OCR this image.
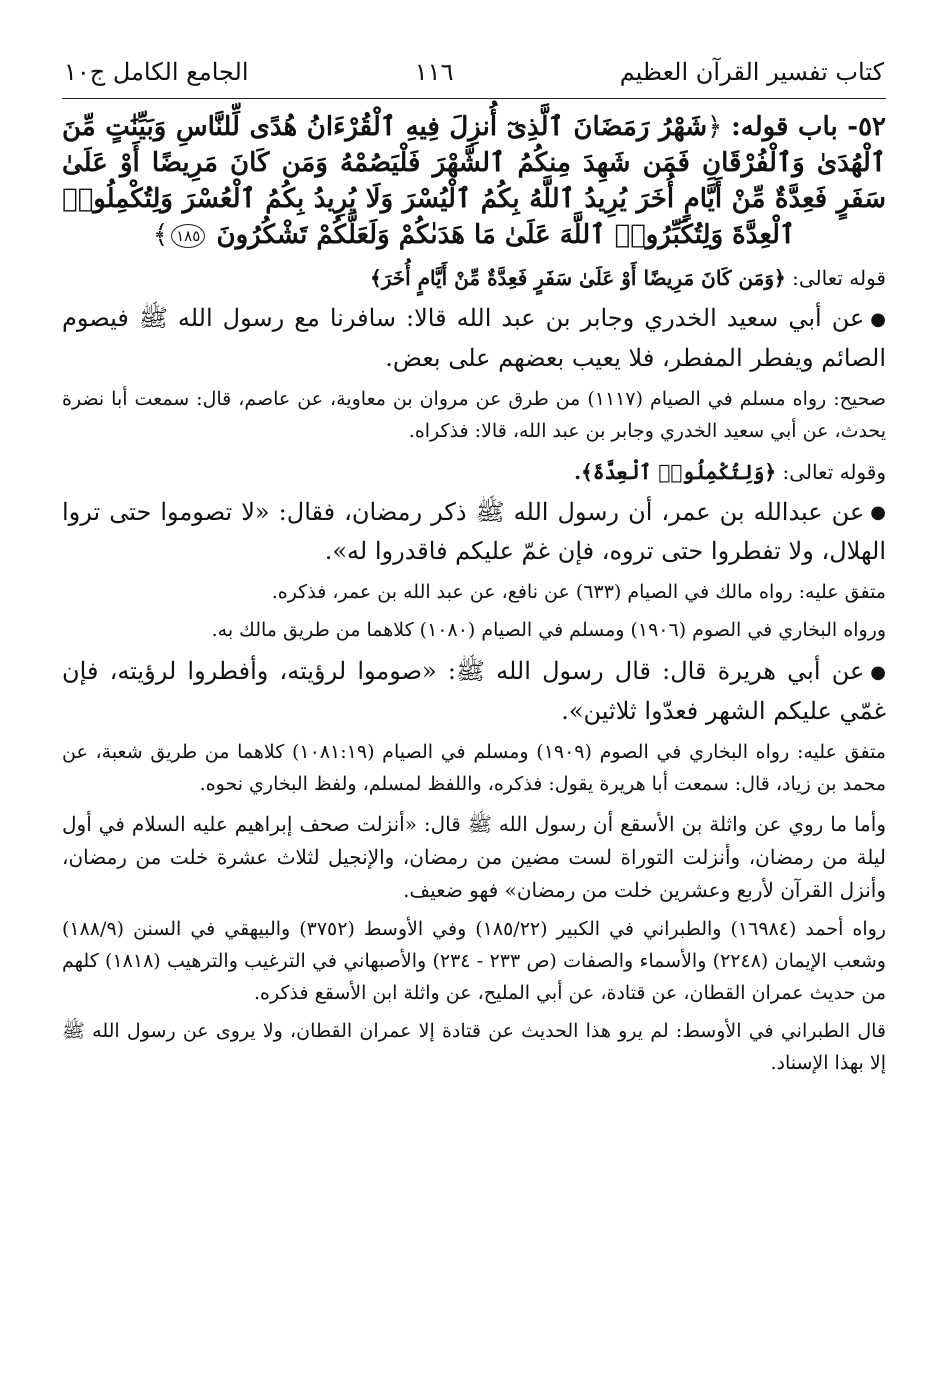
كتاب تفسير القرآن العظيم
١١٦
الجامع الكامل ج١٠

٥٢- باب قوله: ﴿شَهْرُ رَمَضَانَ ٱلَّذِىٓ أُنزِلَ فِيهِ ٱلْقُرْءَانُ هُدًى لِّلنَّاسِ وَبَيِّنَٰتٍ مِّنَ ٱلْهُدَىٰ وَٱلْفُرْقَانِ فَمَن شَهِدَ مِنكُمُ ٱلشَّهْرَ فَلْيَصُمْهُ وَمَن كَانَ مَرِيضًا أَوْ عَلَىٰ سَفَرٍ فَعِدَّةٌ مِّنْ أَيَّامٍ أُخَرَ يُرِيدُ ٱللَّهُ بِكُمُ ٱلْيُسْرَ وَلَا يُرِيدُ بِكُمُ ٱلْعُسْرَ وَلِتُكْمِلُوا۟ ٱلْعِدَّةَ وَلِتُكَبِّرُوا۟ ٱللَّهَ عَلَىٰ مَا هَدَىٰكُمْ وَلَعَلَّكُمْ تَشْكُرُونَ ١٨٥﴾

قوله تعالى: ﴿وَمَن كَانَ مَرِيضًا أَوْ عَلَىٰ سَفَرٍ فَعِدَّةٌ مِّنْ أَيَّامٍ أُخَرَ﴾

●عن أبي سعيد الخدري وجابر بن عبد الله قالا: سافرنا مع رسول الله ﷺ فيصوم الصائم ويفطر المفطر، فلا يعيب بعضهم على بعض.

صحيح: رواه مسلم في الصيام (١١١٧) من طرق عن مروان بن معاوية، عن عاصم، قال: سمعت أبا نضرة يحدث، عن أبي سعيد الخدري وجابر بن عبد الله، قالا: فذكراه.

وقوله تعالى: ﴿وَلِتُكْمِلُوا۟ ٱلْعِدَّةَ﴾.

●عن عبدالله بن عمر، أن رسول الله ﷺ ذكر رمضان، فقال: «لا تصوموا حتى تروا الهلال، ولا تفطروا حتى تروه، فإن غمّ عليكم فاقدروا له».

متفق عليه: رواه مالك في الصيام (٦٣٣) عن نافع، عن عبد الله بن عمر، فذكره.

ورواه البخاري في الصوم (١٩٠٦) ومسلم في الصيام (١٠٨٠) كلاهما من طريق مالك به.

●عن أبي هريرة قال: قال رسول الله ﷺ: «صوموا لرؤيته، وأفطروا لرؤيته، فإن غمّي عليكم الشهر فعدّوا ثلاثين».

متفق عليه: رواه البخاري في الصوم (١٩٠٩) ومسلم في الصيام (١٠٨١:١٩) كلاهما من طريق شعبة، عن محمد بن زياد، قال: سمعت أبا هريرة يقول: فذكره، واللفظ لمسلم، ولفظ البخاري نحوه.

وأما ما روي عن واثلة بن الأسقع أن رسول الله ﷺ قال: «أنزلت صحف إبراهيم عليه السلام في أول ليلة من رمضان، وأنزلت التوراة لست مضين من رمضان، والإنجيل لثلاث عشرة خلت من رمضان، وأنزل القرآن لأربع وعشرين خلت من رمضان» فهو ضعيف.

رواه أحمد (١٦٩٨٤) والطبراني في الكبير (١٨٥/٢٢) وفي الأوسط (٣٧٥٢) والبيهقي في السنن (١٨٨/٩) وشعب الإيمان (٢٢٤٨) والأسماء والصفات (ص ٢٣٣ - ٢٣٤) والأصبهاني في الترغيب والترهيب (١٨١٨) كلهم من حديث عمران القطان، عن قتادة، عن أبي المليح، عن واثلة ابن الأسقع فذكره.

قال الطبراني في الأوسط: لم يرو هذا الحديث عن قتادة إلا عمران القطان، ولا يروى عن رسول الله ﷺ إلا بهذا الإسناد.
